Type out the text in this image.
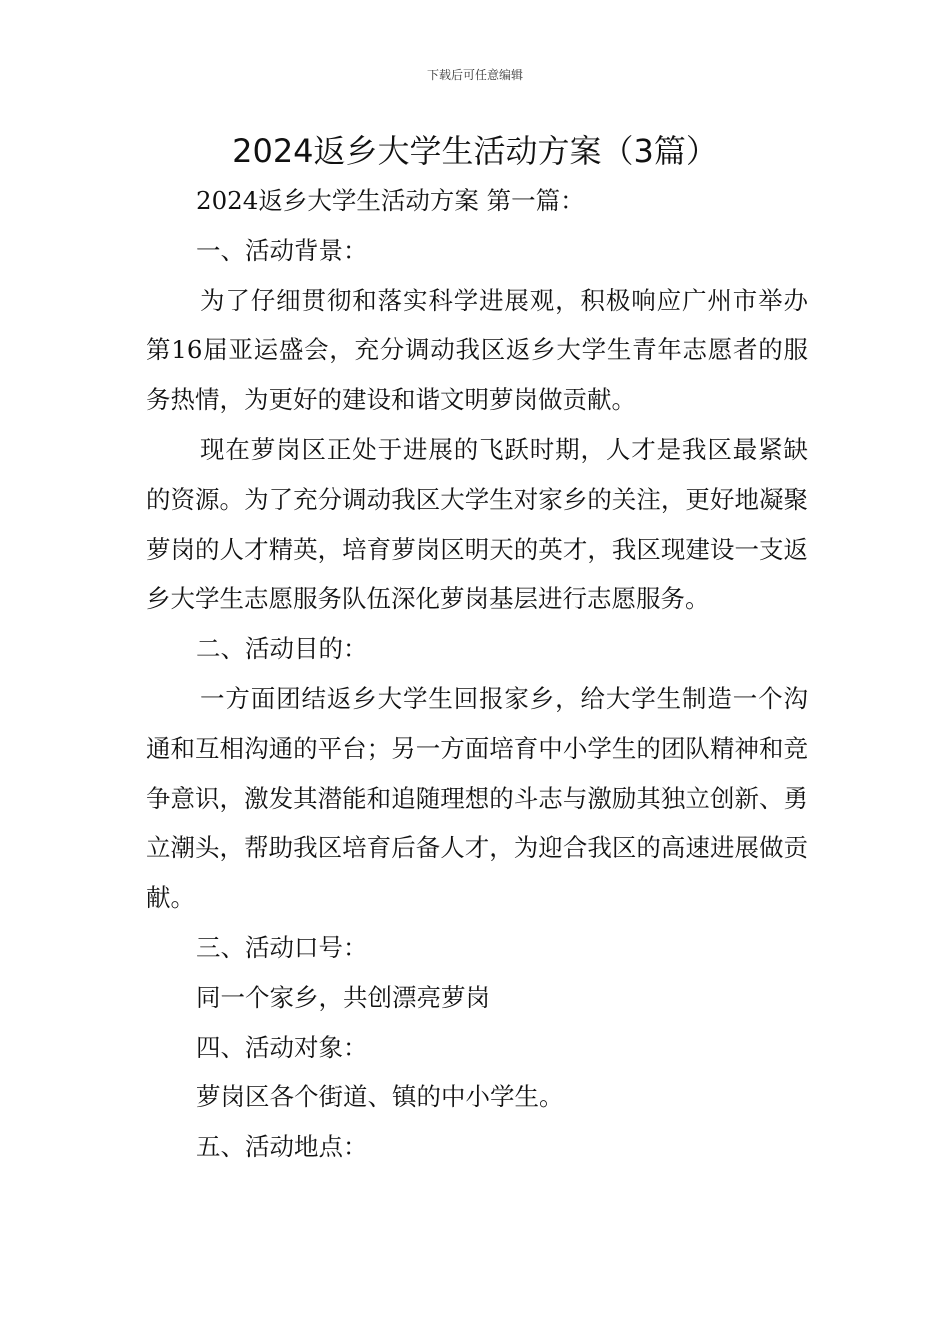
下载后可任意编辑
2024返乡大学生活动方案（3篇）

2024返乡大学生活动方案 第一篇：

一、活动背景：

为了仔细贯彻和落实科学进展观，积极响应广州市举办第16届亚运盛会，充分调动我区返乡大学生青年志愿者的服务热情，为更好的建设和谐文明萝岗做贡献。

现在萝岗区正处于进展的飞跃时期，人才是我区最紧缺的资源。为了充分调动我区大学生对家乡的关注，更好地凝聚萝岗的人才精英，培育萝岗区明天的英才，我区现建设一支返乡大学生志愿服务队伍深化萝岗基层进行志愿服务。

二、活动目的：

一方面团结返乡大学生回报家乡，给大学生制造一个沟通和互相沟通的平台；另一方面培育中小学生的团队精神和竞争意识，激发其潜能和追随理想的斗志与激励其独立创新、勇立潮头，帮助我区培育后备人才，为迎合我区的高速进展做贡献。

三、活动口号：

同一个家乡，共创漂亮萝岗

四、活动对象：

萝岗区各个街道、镇的中小学生。

五、活动地点：
